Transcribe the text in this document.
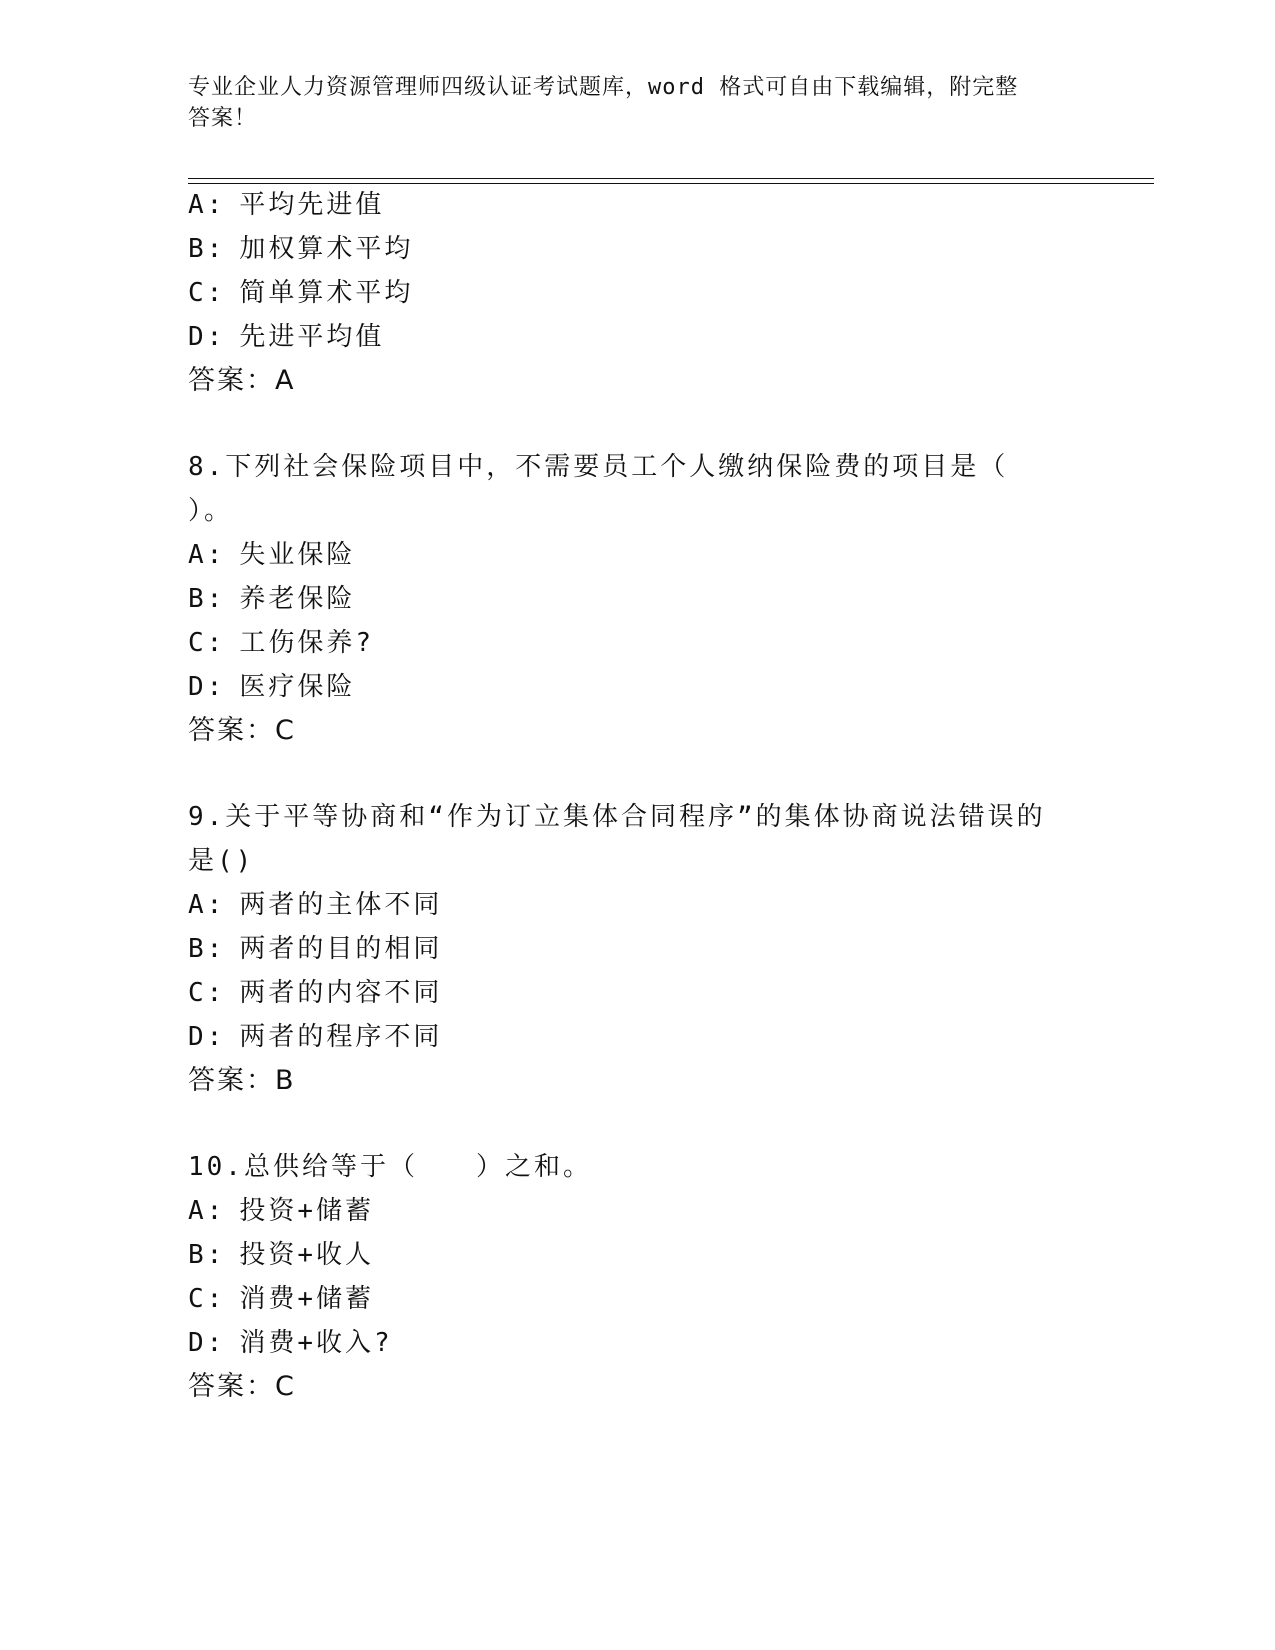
专业企业人力资源管理师四级认证考试题库，word 格式可自由下载编辑，附完整
答案！
A: 平均先进值
B: 加权算术平均
C: 简单算术平均
D: 先进平均值
答案：A
8.下列社会保险项目中，不需要员工个人缴纳保险费的项目是（
）。
A: 失业保险
B: 养老保险
C: 工伤保养?
D: 医疗保险
答案：C
9.关于平等协商和“作为订立集体合同程序”的集体协商说法错误的
是()
A: 两者的主体不同
B: 两者的目的相同
C: 两者的内容不同
D: 两者的程序不同
答案：B
10.总供给等于（　　）之和。
A: 投资+储蓄
B: 投资+收人
C: 消费+储蓄
D: 消费+收入?
答案：C
